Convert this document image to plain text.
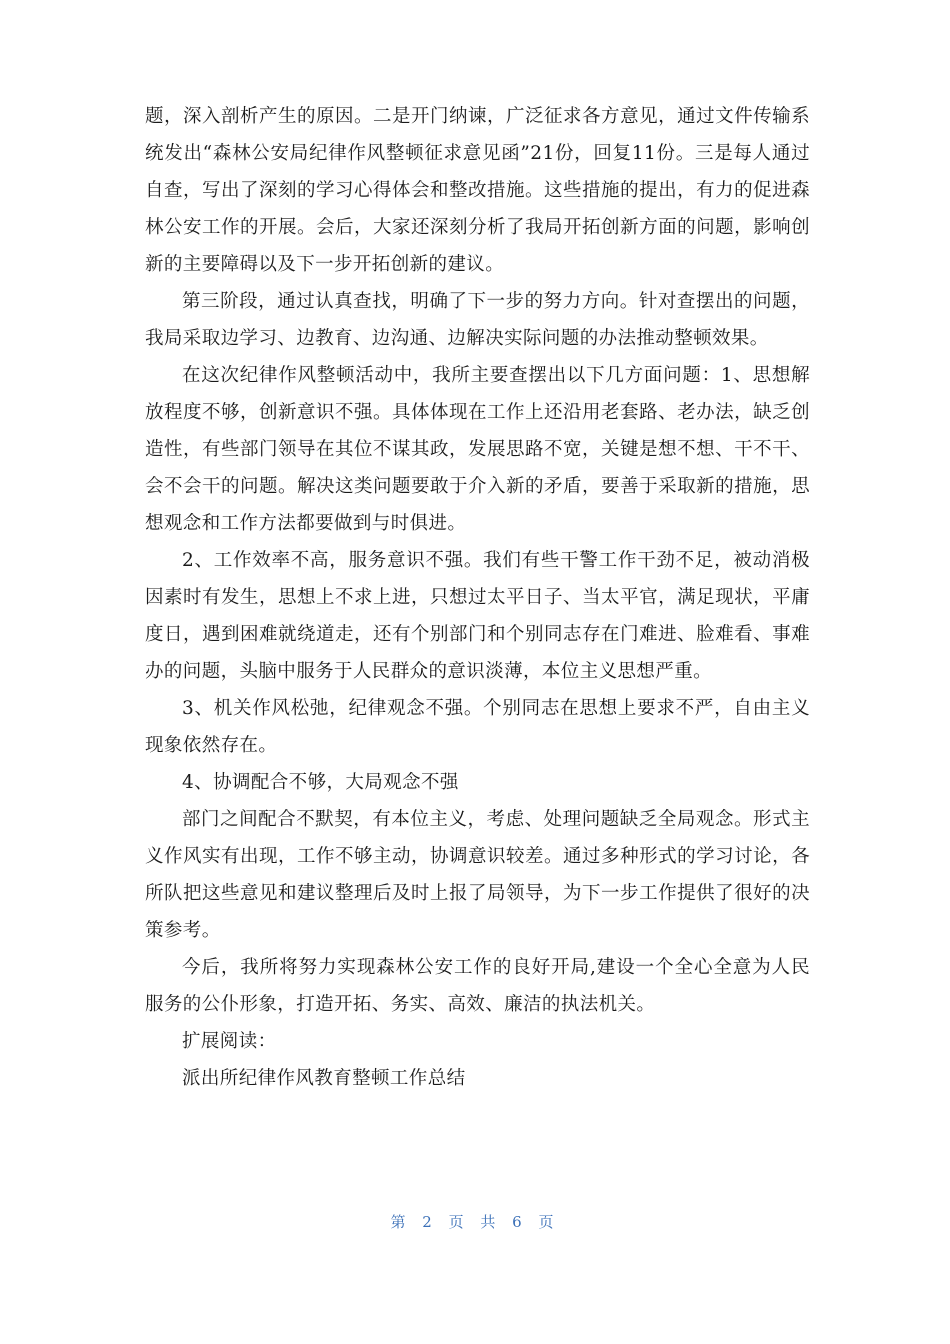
题，深入剖析产生的原因。二是开门纳谏，广泛征求各方意见，通过文件传输系统发出“森林公安局纪律作风整顿征求意见函”21份，回复11份。三是每人通过自查，写出了深刻的学习心得体会和整改措施。这些措施的提出，有力的促进森林公安工作的开展。会后，大家还深刻分析了我局开拓创新方面的问题，影响创新的主要障碍以及下一步开拓创新的建议。

第三阶段，通过认真查找，明确了下一步的努力方向。针对查摆出的问题，我局采取边学习、边教育、边沟通、边解决实际问题的办法推动整顿效果。

在这次纪律作风整顿活动中，我所主要查摆出以下几方面问题：1、思想解放程度不够，创新意识不强。具体体现在工作上还沿用老套路、老办法，缺乏创造性，有些部门领导在其位不谋其政，发展思路不宽，关键是想不想、干不干、会不会干的问题。解决这类问题要敢于介入新的矛盾，要善于采取新的措施，思想观念和工作方法都要做到与时俱进。

2、工作效率不高，服务意识不强。我们有些干警工作干劲不足，被动消极因素时有发生，思想上不求上进，只想过太平日子、当太平官，满足现状，平庸度日，遇到困难就绕道走，还有个别部门和个别同志存在门难进、脸难看、事难办的问题，头脑中服务于人民群众的意识淡薄，本位主义思想严重。

3、机关作风松弛，纪律观念不强。个别同志在思想上要求不严，自由主义现象依然存在。

4、协调配合不够，大局观念不强

部门之间配合不默契，有本位主义，考虑、处理问题缺乏全局观念。形式主义作风实有出现，工作不够主动，协调意识较差。通过多种形式的学习讨论，各所队把这些意见和建议整理后及时上报了局领导，为下一步工作提供了很好的决策参考。

今后，我所将努力实现森林公安工作的良好开局,建设一个全心全意为人民服务的公仆形象，打造开拓、务实、高效、廉洁的执法机关。

扩展阅读：

派出所纪律作风教育整顿工作总结

第 2 页 共 6 页
